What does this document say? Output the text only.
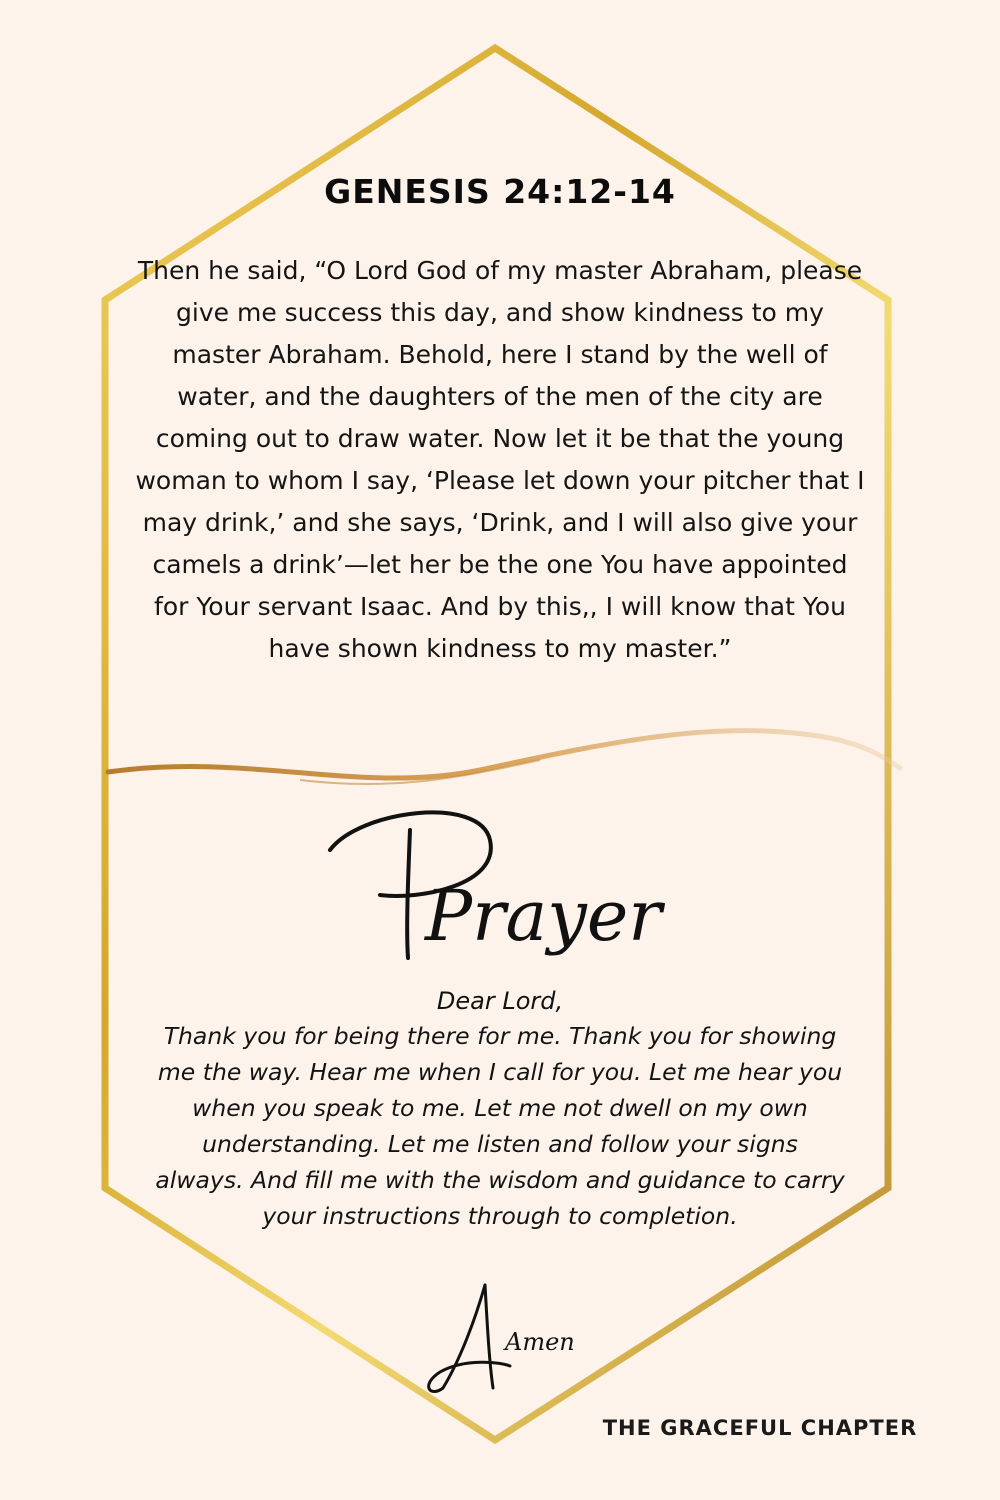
GENESIS 24:12-14
Then he said, “O Lord God of my master Abraham, please give me success this day, and show kindness to my master Abraham. Behold, here I stand by the well of water, and the daughters of the men of the city are coming out to draw water. Now let it be that the young woman to whom I say, ‘Please let down your pitcher that I may drink,’ and she says, ‘Drink, and I will also give your camels a drink’—let her be the one You have appointed for Your servant Isaac. And by this,, I will know that You have shown kindness to my master.”
Prayer
Dear Lord,
Thank you for being there for me. Thank you for showing me the way. Hear me when I call for you. Let me hear you when you speak to me. Let me not dwell on my own understanding. Let me listen and follow your signs always. And fill me with the wisdom and guidance to carry your instructions through to completion.
Amen
THE GRACEFUL CHAPTER
